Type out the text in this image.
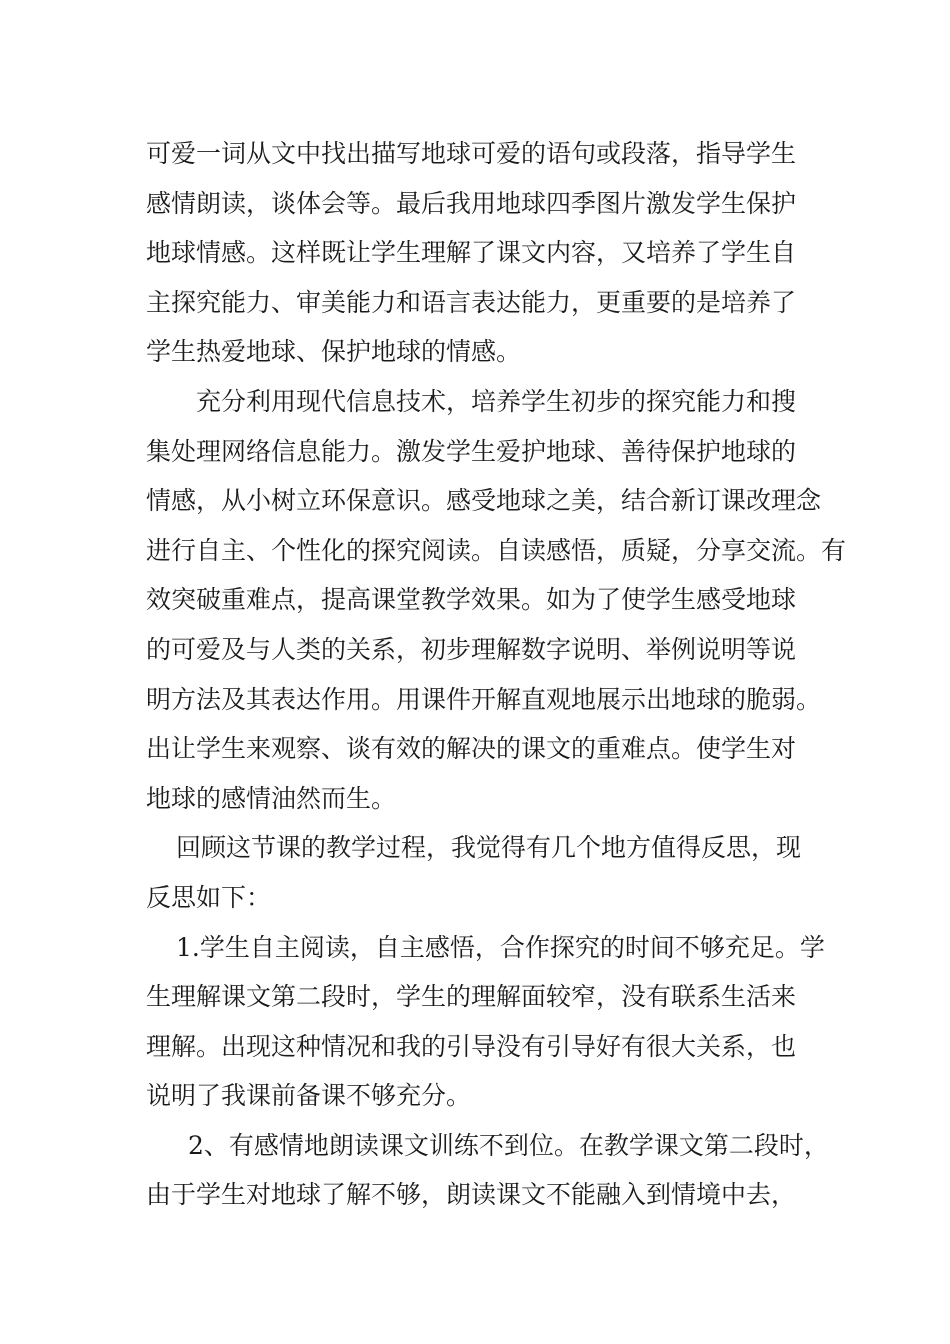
可爱一词从文中找出描写地球可爱的语句或段落，指导学生
感情朗读，谈体会等。最后我用地球四季图片激发学生保护
地球情感。这样既让学生理解了课文内容，又培养了学生自
主探究能力、审美能力和语言表达能力，更重要的是培养了
学生热爱地球、保护地球的情感。
充分利用现代信息技术，培养学生初步的探究能力和搜
集处理网络信息能力。激发学生爱护地球、善待保护地球的
情感，从小树立环保意识。感受地球之美，结合新订课改理念
进行自主、个性化的探究阅读。自读感悟，质疑，分享交流。有
效突破重难点，提高课堂教学效果。如为了使学生感受地球
的可爱及与人类的关系，初步理解数字说明、举例说明等说
明方法及其表达作用。用课件开解直观地展示出地球的脆弱。
出让学生来观察、谈有效的解决的课文的重难点。使学生对
地球的感情油然而生。
回顾这节课的教学过程，我觉得有几个地方值得反思，现
反思如下：
1.学生自主阅读，自主感悟，合作探究的时间不够充足。学
生理解课文第二段时，学生的理解面较窄，没有联系生活来
理解。出现这种情况和我的引导没有引导好有很大关系，也
说明了我课前备课不够充分。
2、有感情地朗读课文训练不到位。在教学课文第二段时，
由于学生对地球了解不够，朗读课文不能融入到情境中去，
